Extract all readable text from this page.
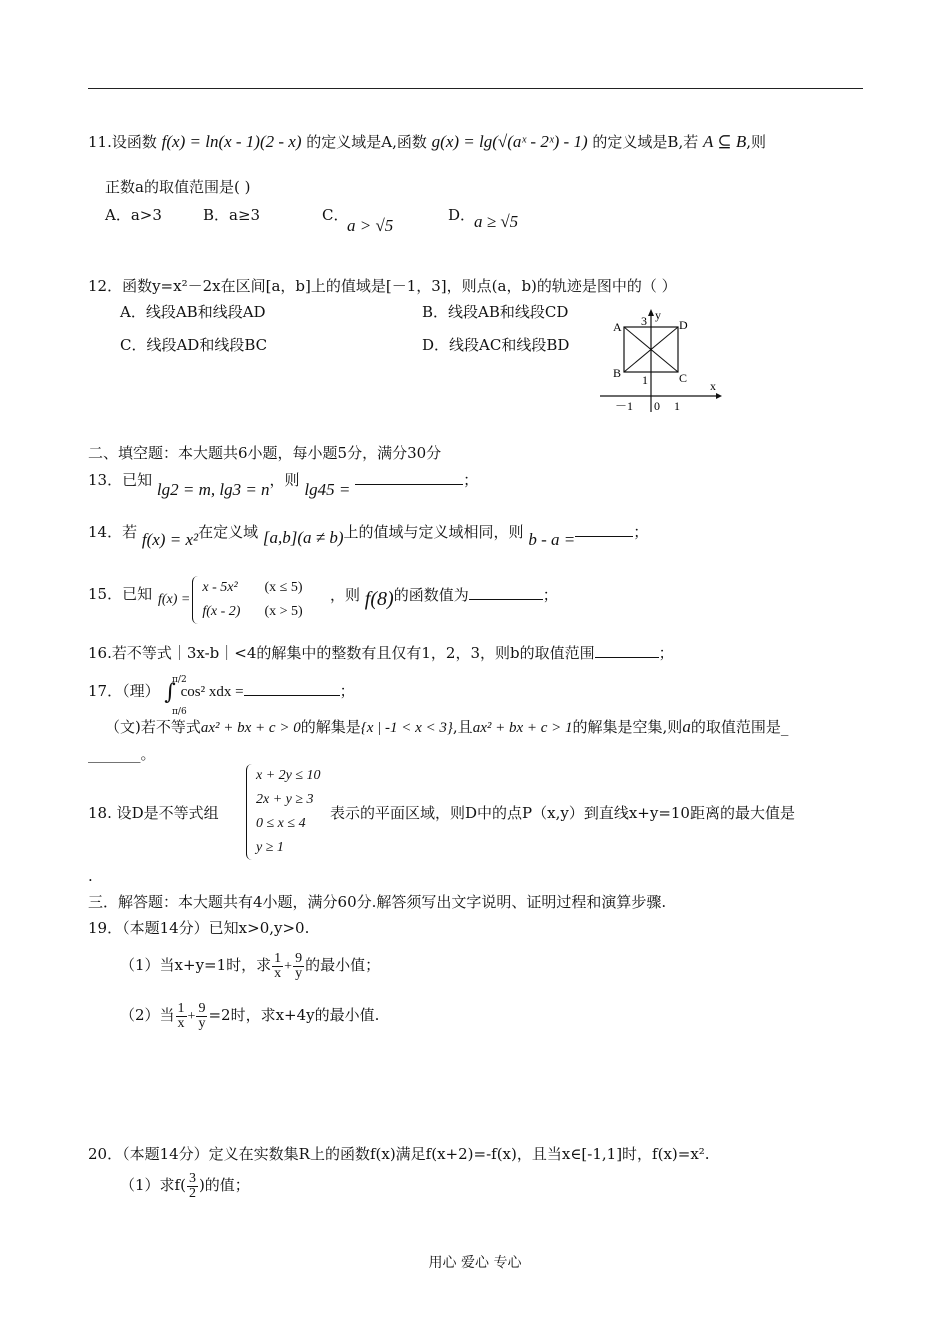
11.设函数 f(x) = ln(x - 1)(2 - x) 的定义域是A,函数 g(x) = lg(√(aˣ - 2ˣ) - 1) 的定义域是B,若 A ⊆ B,则
正数a的取值范围是( )
A．a>3	B．a≥3	C．
a > √5
D．
a ≥ √5
12．函数y=x²－2x在区间[a，b]上的值域是[－1，3]，则点(a，b)的轨迹是图中的（ ）
A．线段AB和线段AD	B．线段AB和线段CD
C．线段AD和线段BC	D．线段AC和线段BD
A
B	C
D
3 y
1	x
－1 0 1
二、填空题：本大题共6小题，每小题5分，满分30分
13．已知 lg2 = m, lg3 = n，则 lg45 =	；
14．若 f(x) = x²在定义域 [a,b](a ≠ b)上的值域与定义域相同，则 b - a =	；
15．已知 f(x) =
x - 5x² (x ≤ 5)
f(x - 2) (x > 5)
，则 f(8)的函数值为	；
16.若不等式｜3x-b｜<4的解集中的整数有且仅有1，2，3，则b的取值范围	；
17．（理） ∫
π/2
π/6
cos² xdx =	；
（文)若不等式ax² + bx + c > 0的解集是{x | -1 < x < 3},且ax² + bx + c > 1的解集是空集,则a的取值范围是_
_______。
18. 设D是不等式组
x + 2y ≤ 10
2x + y ≥ 3
0 ≤ x ≤ 4
y ≥ 1
表示的平面区域，则D中的点P（x,y）到直线x+y=10距离的最大值是
.
三．解答题：本大题共有4小题，满分60分.解答须写出文字说明、证明过程和演算步骤.
19．（本题14分）已知x>0,y>0.
（1）当x+y=1时，求 $\frac{1}{x} + \frac{9}{y}$ 的最小值；
（2）当 $\frac{1}{x} + \frac{9}{y} =2$时，求x+4y的最小值.
20．（本题14分）定义在实数集R上的函数f(x)满足f(x+2)=-f(x)，且当x∈[-1,1]时，f(x)=x².
（1）求$f( \frac{3}{2}$ )的值；
用心 爱心 专心
